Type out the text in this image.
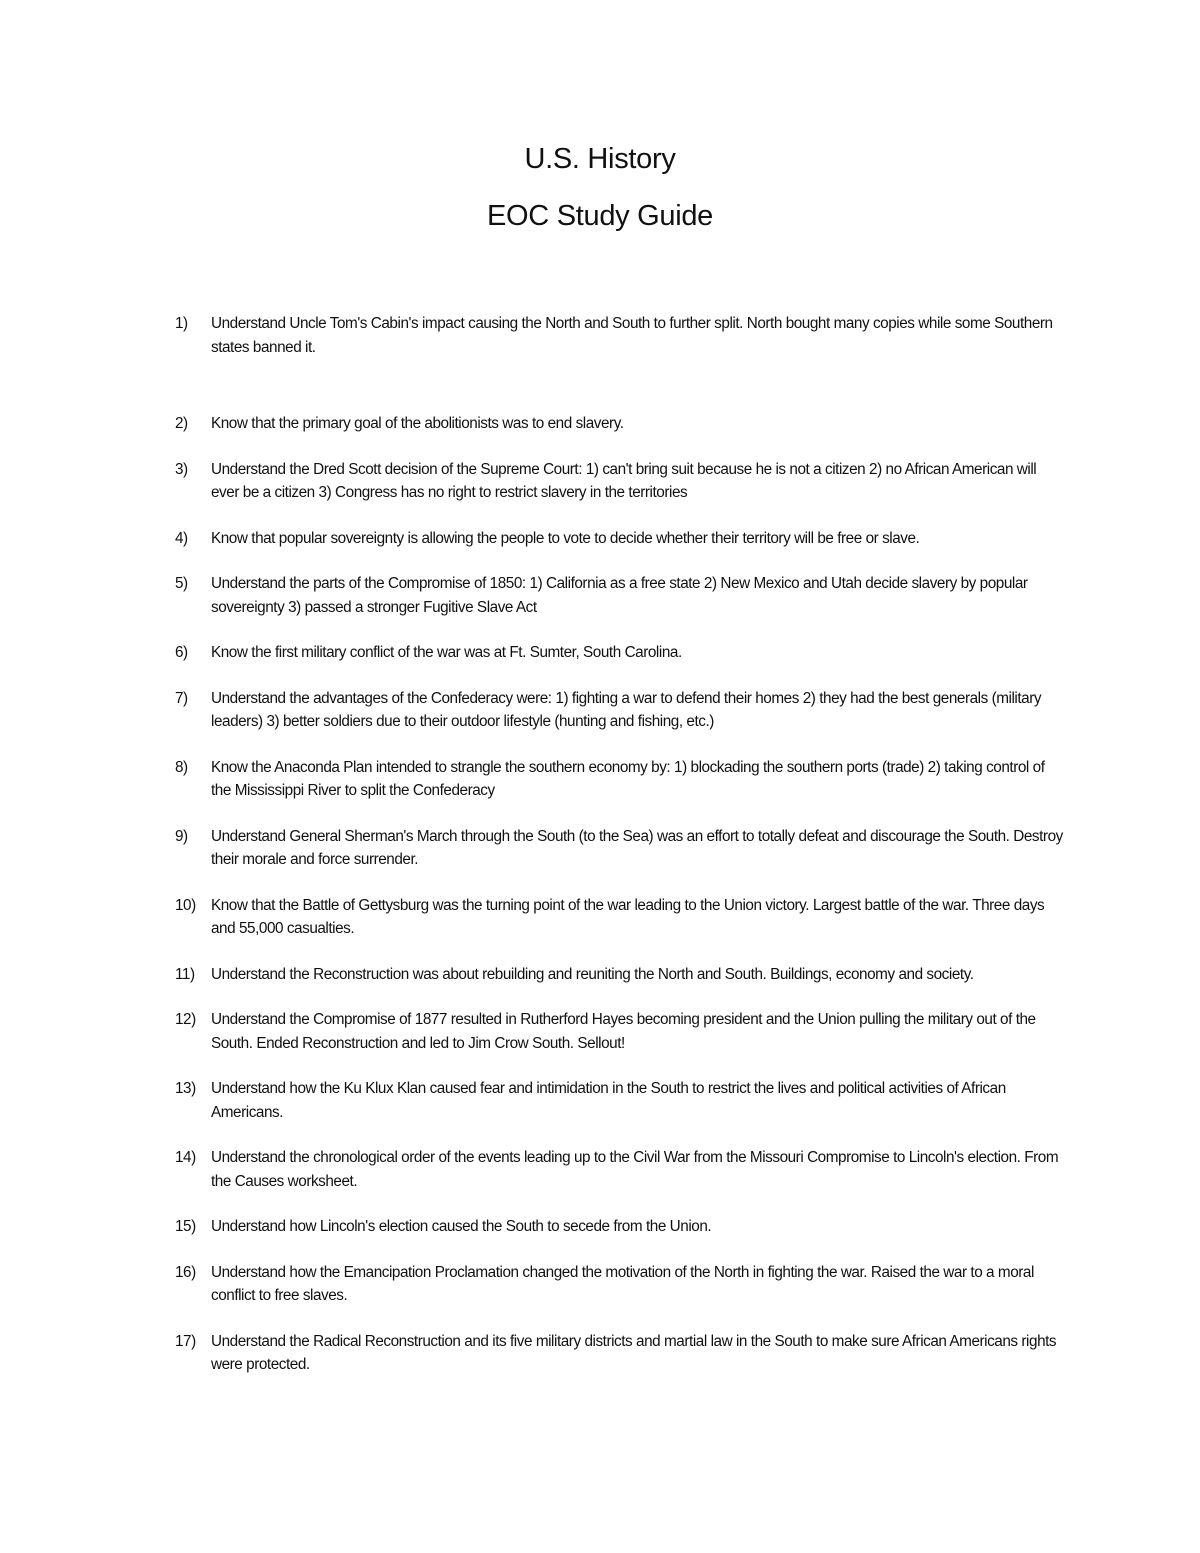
U.S. History
EOC Study Guide
1)	Understand Uncle Tom's Cabin's impact causing the North and South to further split. North bought many copies while some Southern states banned it.
2)	Know that the primary goal of the abolitionists was to end slavery.
3)	Understand the Dred Scott decision of the Supreme Court: 1) can't bring suit because he is not a citizen 2) no African American will ever be a citizen 3) Congress has no right to restrict slavery in the territories
4)	Know that popular sovereignty is allowing the people to vote to decide whether their territory will be free or slave.
5)	Understand the parts of the Compromise of 1850: 1) California as a free state 2) New Mexico and Utah decide slavery by popular sovereignty 3) passed a stronger Fugitive Slave Act
6)	Know the first military conflict of the war was at Ft. Sumter, South Carolina.
7)	Understand the advantages of the Confederacy were: 1) fighting a war to defend their homes 2) they had the best generals (military leaders) 3) better soldiers due to their outdoor lifestyle (hunting and fishing, etc.)
8)	Know the Anaconda Plan intended to strangle the southern economy by: 1) blockading the southern ports (trade) 2) taking control of the Mississippi River to split the Confederacy
9)	Understand General Sherman's March through the South (to the Sea) was an effort to totally defeat and discourage the South. Destroy their morale and force surrender.
10) Know that the Battle of Gettysburg was the turning point of the war leading to the Union victory. Largest battle of the war. Three days and 55,000 casualties.
11)	Understand the Reconstruction was about rebuilding and reuniting the North and South. Buildings, economy and society.
12) Understand the Compromise of 1877 resulted in Rutherford Hayes becoming president and the Union pulling the military out of the South. Ended Reconstruction and led to Jim Crow South. Sellout!
13) Understand how the Ku Klux Klan caused fear and intimidation in the South to restrict the lives and political activities of African Americans.
14) Understand the chronological order of the events leading up to the Civil War from the Missouri Compromise to Lincoln's election. From the Causes worksheet.
15) Understand how Lincoln's election caused the South to secede from the Union.
16) Understand how the Emancipation Proclamation changed the motivation of the North in fighting the war. Raised the war to a moral conflict to free slaves.
17) Understand the Radical Reconstruction and its five military districts and martial law in the South to make sure African Americans rights were protected.
